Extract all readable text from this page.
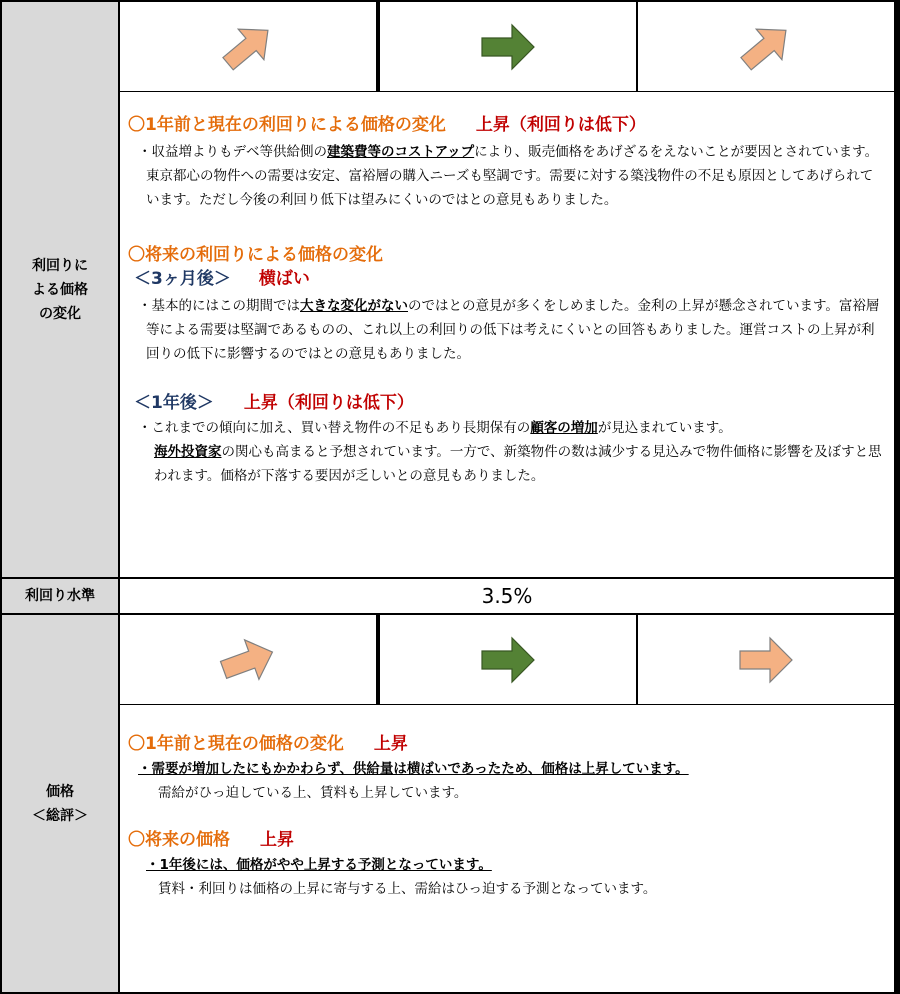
利回りに
よる価格
の変化
〇1年前と現在の利回りによる価格の変化 上昇（利回りは低下）

・収益増よりもデベ等供給側の建築費等のコストアップにより、販売価格をあげざるをえないことが要因とされています。東京都心の物件への需要は安定、富裕層の購入ニーズも堅調です。需要に対する築浅物件の不足も原因としてあげられています。ただし今後の利回り低下は望みにくいのではとの意見もありました。

〇将来の利回りによる価格の変化
＜3ヶ月後＞ 横ばい

・基本的にはこの期間では大きな変化がないのではとの意見が多くをしめました。金利の上昇が懸念されています。富裕層等による需要は堅調であるものの、これ以上の利回りの低下は考えにくいとの回答もありました。運営コストの上昇が利回りの低下に影響するのではとの意見もありました。

＜1年後＞ 上昇（利回りは低下）

・これまでの傾向に加え、買い替え物件の不足もあり長期保有の顧客の増加が見込まれています。

海外投資家の関心も高まると予想されています。一方で、新築物件の数は減少する見込みで物件価格に影響を及ぼすと思われます。価格が下落する要因が乏しいとの意見もありました。

利回り水準	3.5%
価格
＜総評＞
〇1年前と現在の価格の変化 上昇

・需要が増加したにもかかわらず、供給量は横ばいであったため、価格は上昇しています。

需給がひっ迫している上、賃料も上昇しています。

〇将来の価格 上昇

・1年後には、価格がやや上昇する予測となっています。

賃料・利回りは価格の上昇に寄与する上、需給はひっ迫する予測となっています。
